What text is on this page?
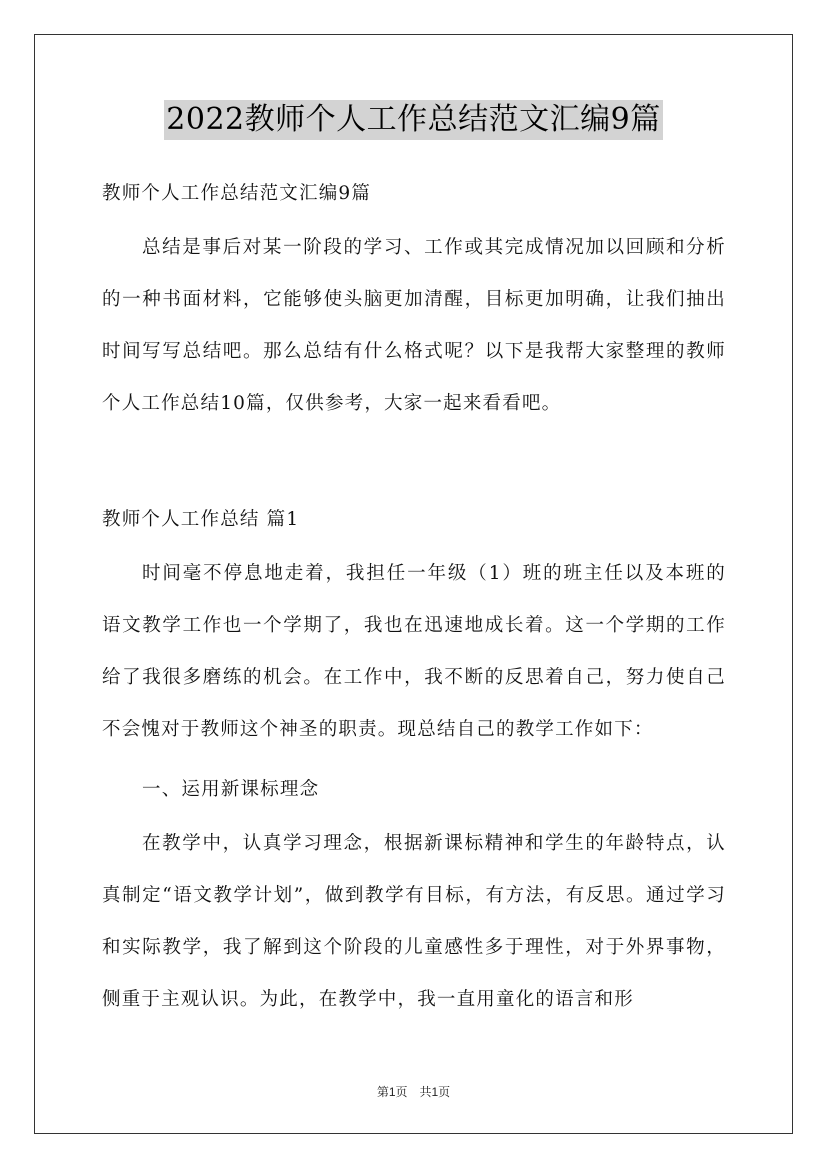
2022教师个人工作总结范文汇编9篇

教师个人工作总结范文汇编9篇

总结是事后对某一阶段的学习、工作或其完成情况加以回顾和分析的一种书面材料，它能够使头脑更加清醒，目标更加明确，让我们抽出时间写写总结吧。那么总结有什么格式呢？以下是我帮大家整理的教师个人工作总结10篇，仅供参考，大家一起来看看吧。

教师个人工作总结 篇1

时间毫不停息地走着，我担任一年级（1）班的班主任以及本班的语文教学工作也一个学期了，我也在迅速地成长着。这一个学期的工作给了我很多磨练的机会。在工作中，我不断的反思着自己，努力使自己不会愧对于教师这个神圣的职责。现总结自己的教学工作如下：

一、运用新课标理念

在教学中，认真学习理念，根据新课标精神和学生的年龄特点，认真制定“语文教学计划”，做到教学有目标，有方法，有反思。通过学习和实际教学，我了解到这个阶段的儿童感性多于理性，对于外界事物，侧重于主观认识。为此，在教学中，我一直用童化的语言和形

第1页　共1页
